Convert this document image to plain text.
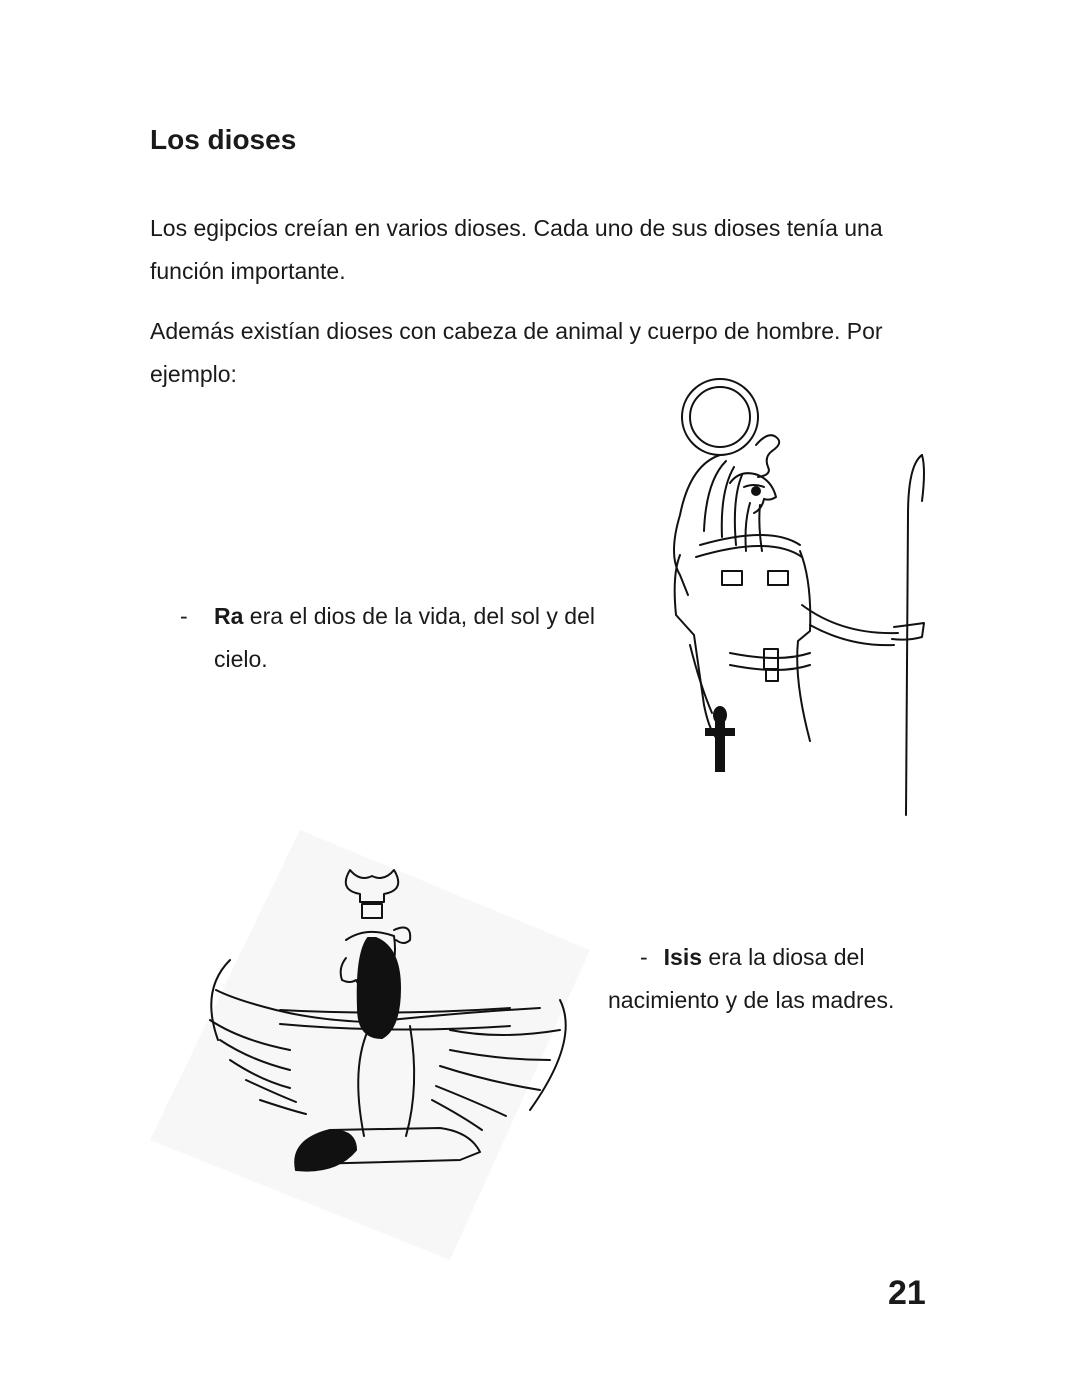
Los dioses

Los egipcios creían en varios dioses. Cada uno de sus dioses tenía una función importante.

Además existían dioses con cabeza de animal y cuerpo de hombre. Por ejemplo:

- Ra era el dios de la vida, del sol y del cielo.
- Isis era la diosa del
nacimiento y de las madres.

21
